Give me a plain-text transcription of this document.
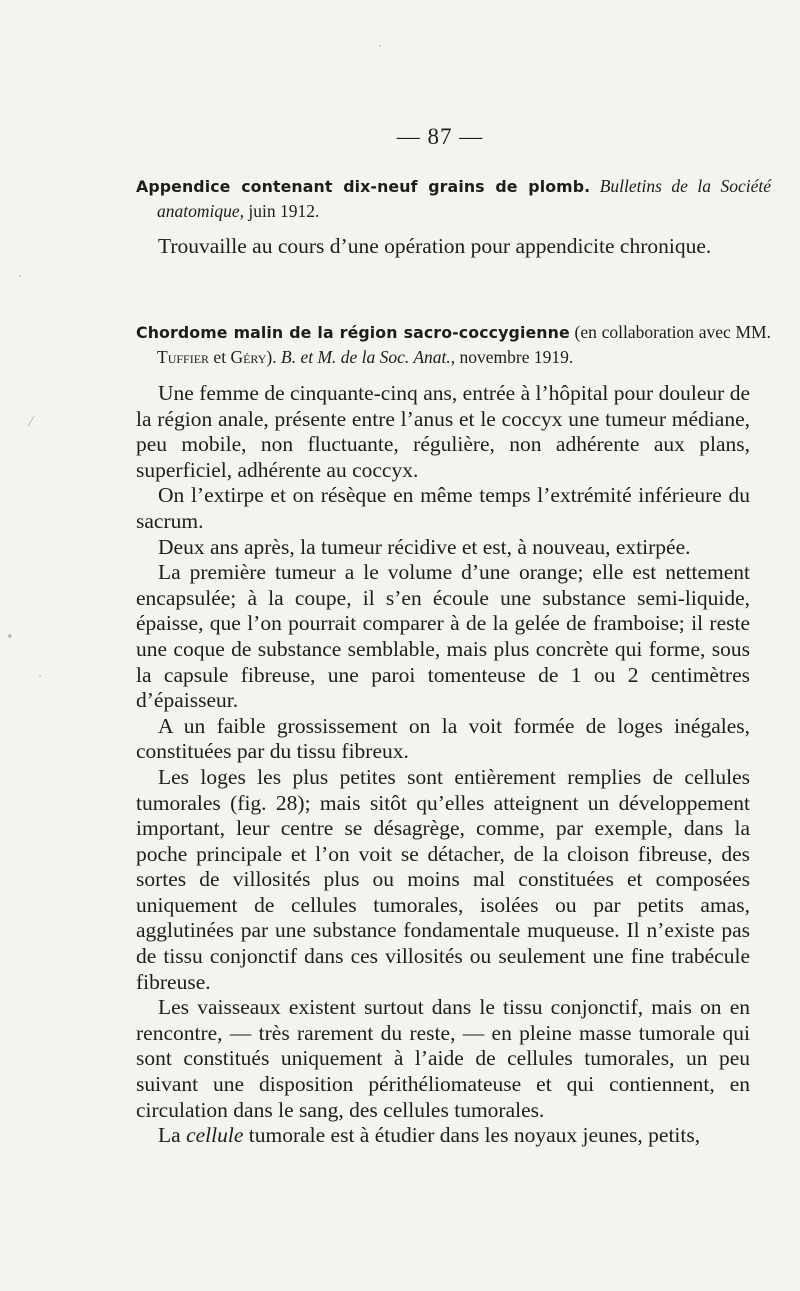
— 87 —
Appendice contenant dix-neuf grains de plomb. Bulletins de la Société anatomique, juin 1912.

Trouvaille au cours d’une opération pour appendicite chronique.

Chordome malin de la région sacro-coccygienne (en collaboration avec MM. Tuffier et Géry). B. et M. de la Soc. Anat., novembre 1919.

Une femme de cinquante-cinq ans, entrée à l’hôpital pour douleur de la région anale, présente entre l’anus et le coccyx une tumeur médiane, peu mobile, non fluctuante, régulière, non adhérente aux plans, superficiel, adhérente au coccyx.

On l’extirpe et on résèque en même temps l’extrémité inférieure du sacrum.

Deux ans après, la tumeur récidive et est, à nouveau, extirpée.

La première tumeur a le volume d’une orange; elle est nettement encapsulée; à la coupe, il s’en écoule une substance semi-liquide, épaisse, que l’on pourrait comparer à de la gelée de framboise; il reste une coque de substance semblable, mais plus concrète qui forme, sous la capsule fibreuse, une paroi tomenteuse de 1 ou 2 centimètres d’épaisseur.

A un faible grossissement on la voit formée de loges inégales, constituées par du tissu fibreux.

Les loges les plus petites sont entièrement remplies de cellules tumorales (fig. 28); mais sitôt qu’elles atteignent un développement important, leur centre se désagrège, comme, par exemple, dans la poche principale et l’on voit se détacher, de la cloison fibreuse, des sortes de villosités plus ou moins mal constituées et composées uniquement de cellules tumorales, isolées ou par petits amas, agglutinées par une substance fondamentale muqueuse. Il n’existe pas de tissu conjonctif dans ces villosités ou seulement une fine trabécule fibreuse.

Les vaisseaux existent surtout dans le tissu conjonctif, mais on en rencontre, — très rarement du reste, — en pleine masse tumorale qui sont constitués uniquement à l’aide de cellules tumorales, un peu suivant une disposition périthéliomateuse et qui contiennent, en circulation dans le sang, des cellules tumorales.

La cellule tumorale est à étudier dans les noyaux jeunes, petits,

·
⁄
•
·
·
